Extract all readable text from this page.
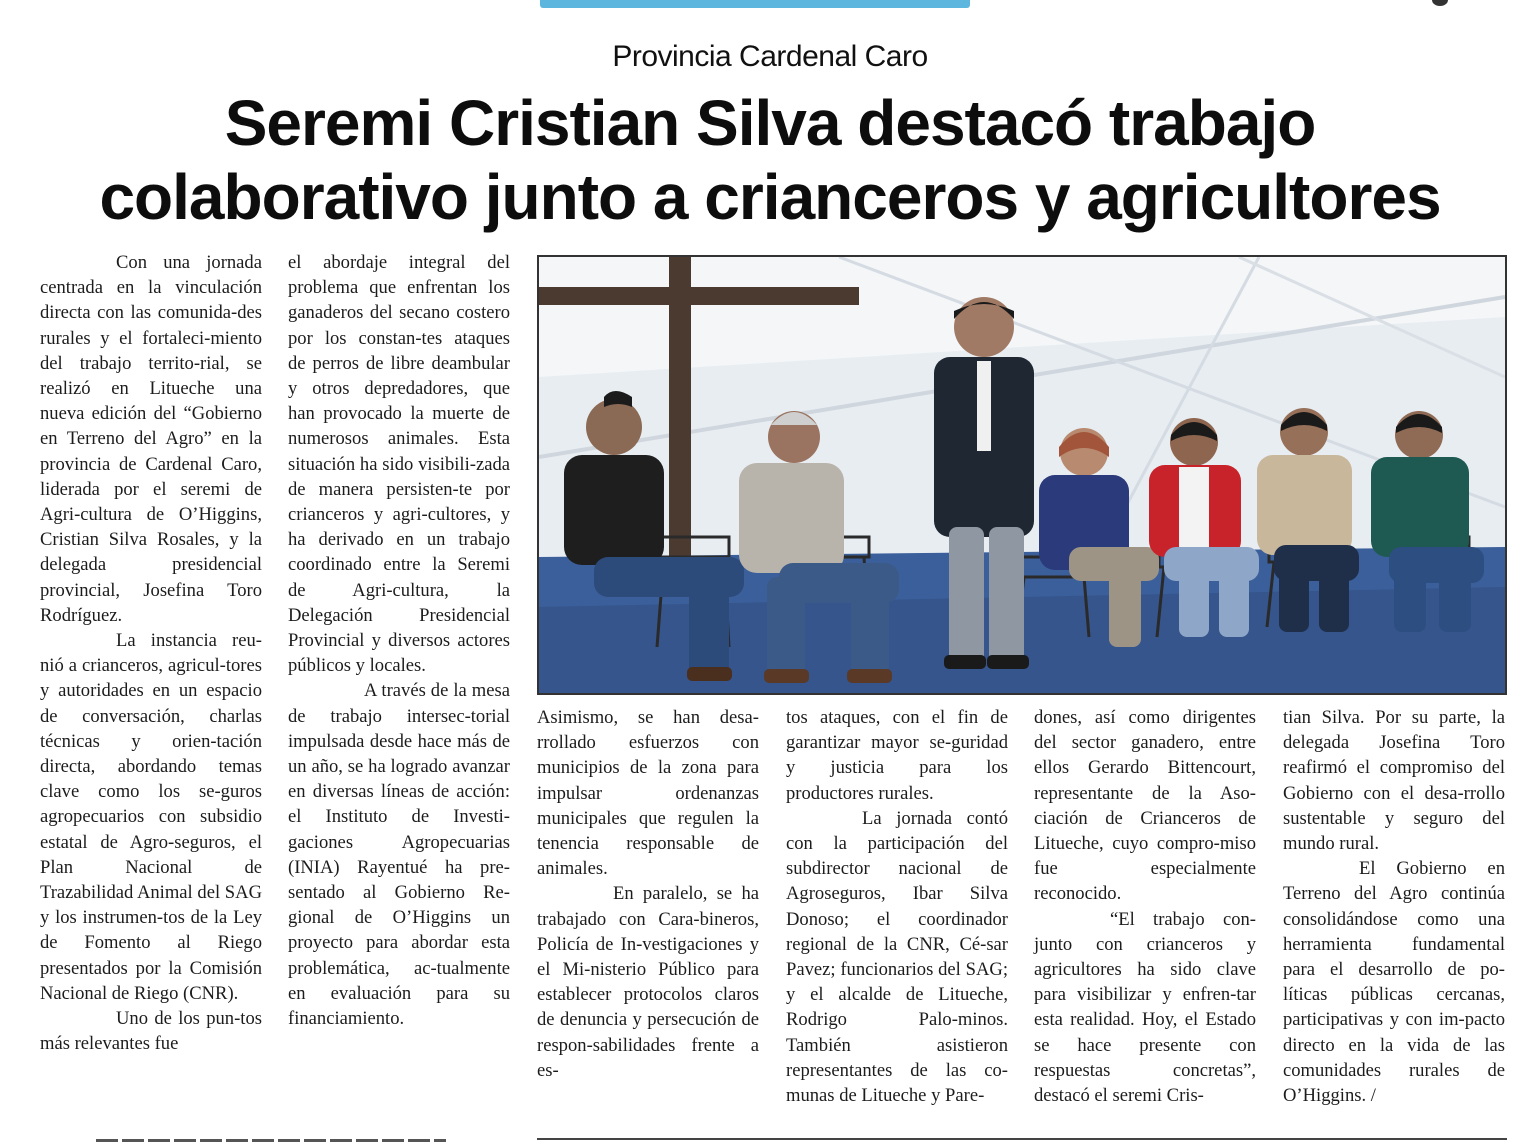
Provincia Cardenal Caro
Seremi Cristian Silva destacó trabajo
colaborativo junto a crianceros y agricultores

Con una jornada centrada en la vinculación directa con las comunida-des rurales y el fortaleci-miento del trabajo territo-rial, se realizó en Litueche una nueva edición del “Gobierno en Terreno del Agro” en la provincia de Cardenal Caro, liderada por el seremi de Agri-cultura de O’Higgins, Cristian Silva Rosales, y la delegada presidencial provincial, Josefina Toro Rodríguez.

La instancia reu-nió a crianceros, agricul-tores y autoridades en un espacio de conversación, charlas técnicas y orien-tación directa, abordando temas clave como los se-guros agropecuarios con subsidio estatal de Agro-seguros, el Plan Nacional de Trazabilidad Animal del SAG y los instrumen-tos de la Ley de Fomento al Riego presentados por la Comisión Nacional de Riego (CNR).

Uno de los pun-tos más relevantes fue

el abordaje integral del problema que enfrentan los ganaderos del secano costero por los constan-tes ataques de perros de libre deambular y otros depredadores, que han provocado la muerte de numerosos animales. Esta situación ha sido visibili-zada de manera persisten-te por crianceros y agri-cultores, y ha derivado en un trabajo coordinado entre la Seremi de Agri-cultura, la Delegación Presidencial Provincial y diversos actores públicos y locales.

A través de la mesa de trabajo intersec-torial impulsada desde hace más de un año, se ha logrado avanzar en diversas líneas de acción: el Instituto de Investi-gaciones Agropecuarias (INIA) Rayentué ha pre-sentado al Gobierno Re-gional de O’Higgins un proyecto para abordar esta problemática, ac-tualmente en evaluación para su financiamiento.

Asimismo, se han desa-rrollado esfuerzos con municipios de la zona para impulsar ordenanzas municipales que regulen la tenencia responsable de animales.

En paralelo, se ha trabajado con Cara-bineros, Policía de In-vestigaciones y el Mi-nisterio Público para establecer protocolos claros de denuncia y persecución de respon-sabilidades frente a es-

tos ataques, con el fin de garantizar mayor se-guridad y justicia para los productores rurales.

La jornada contó con la participación del subdirector nacional de Agroseguros, Ibar Silva Donoso; el coordinador regional de la CNR, Cé-sar Pavez; funcionarios del SAG; y el alcalde de Litueche, Rodrigo Palo-minos. También asistieron representantes de las co-munas de Litueche y Pare-

dones, así como dirigentes del sector ganadero, entre ellos Gerardo Bittencourt, representante de la Aso-ciación de Crianceros de Litueche, cuyo compro-miso fue especialmente reconocido.

“El trabajo con-junto con crianceros y agricultores ha sido clave para visibilizar y enfren-tar esta realidad. Hoy, el Estado se hace presente con respuestas concretas”, destacó el seremi Cris-

tian Silva. Por su parte, la delegada Josefina Toro reafirmó el compromiso del Gobierno con el desa-rrollo sustentable y seguro del mundo rural.

El Gobierno en Terreno del Agro continúa consolidándose como una herramienta fundamental para el desarrollo de po-líticas públicas cercanas, participativas y con im-pacto directo en la vida de las comunidades rurales de O’Higgins. /
